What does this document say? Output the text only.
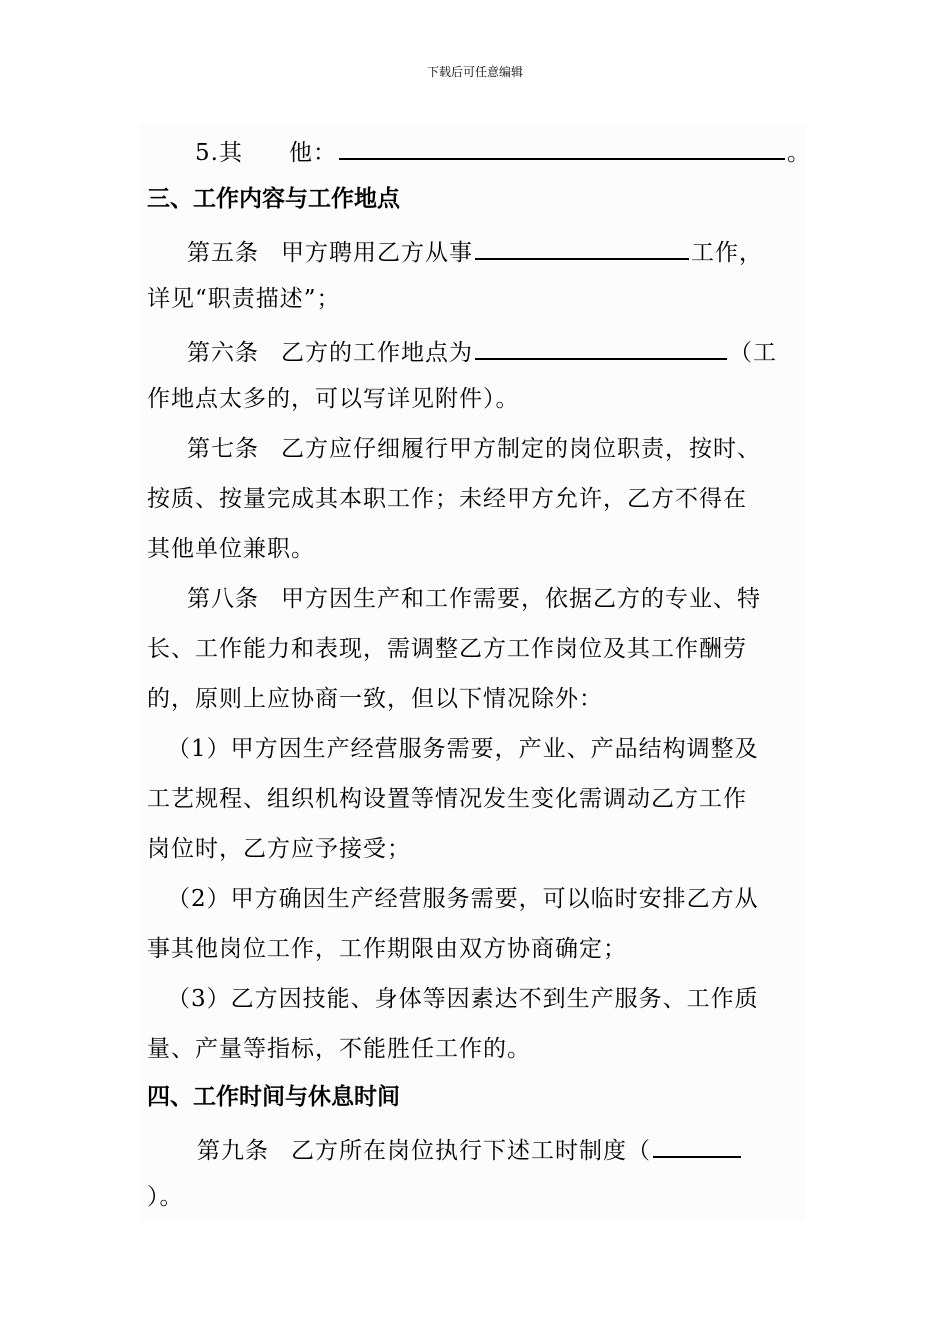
下载后可任意编辑
5.其 他：	。
三、工作内容与工作地点
第五条 甲方聘用乙方从事	工作，
详见“职责描述”；
第六条 乙方的工作地点为	（工
作地点太多的，可以写详见附件）。
第七条 乙方应仔细履行甲方制定的岗位职责，按时、
按质、按量完成其本职工作；未经甲方允许，乙方不得在
其他单位兼职。
第八条 甲方因生产和工作需要，依据乙方的专业、特
长、工作能力和表现，需调整乙方工作岗位及其工作酬劳
的，原则上应协商一致，但以下情况除外：
（1）甲方因生产经营服务需要，产业、产品结构调整及
工艺规程、组织机构设置等情况发生变化需调动乙方工作
岗位时，乙方应予接受；
（2）甲方确因生产经营服务需要，可以临时安排乙方从
事其他岗位工作，工作期限由双方协商确定；
（3）乙方因技能、身体等因素达不到生产服务、工作质
量、产量等指标，不能胜任工作的。
四、工作时间与休息时间
第九条 乙方所在岗位执行下述工时制度（
）。
